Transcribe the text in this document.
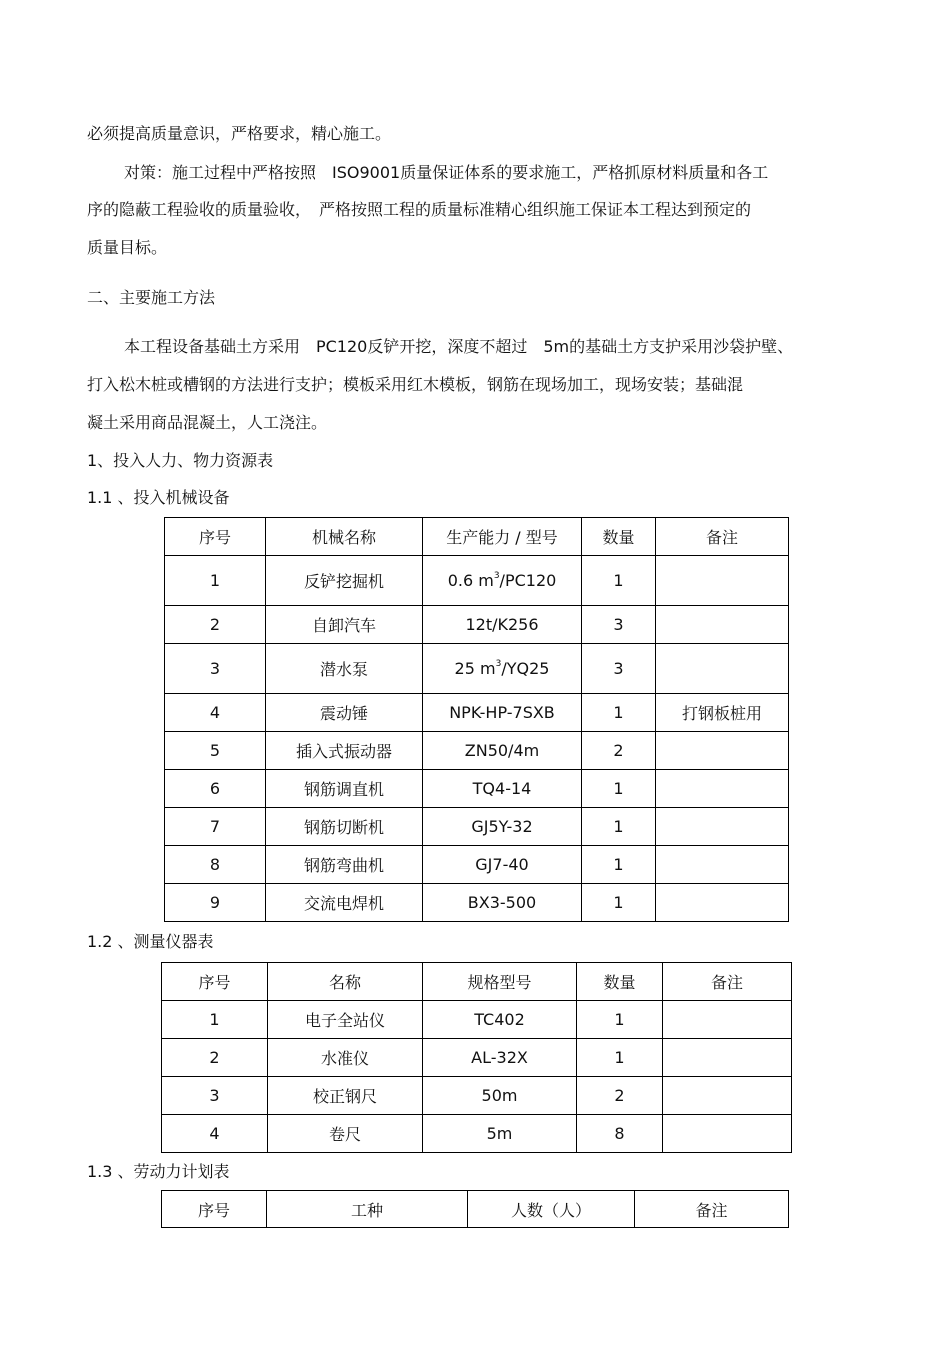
必须提高质量意识，严格要求，精心施工。
对策：施工过程中严格按照　ISO9001质量保证体系的要求施工，严格抓原材料质量和各工
序的隐蔽工程验收的质量验收，　严格按照工程的质量标准精心组织施工保证本工程达到预定的
质量目标。
二、主要施工方法
本工程设备基础土方采用　PC120反铲开挖，深度不超过　5m的基础土方支护采用沙袋护壁、
打入松木桩或槽钢的方法进行支护；模板采用红木模板，钢筋在现场加工，现场安装；基础混
凝土采用商品混凝土，人工浇注。
1、投入人力、物力资源表
1.1 、投入机械设备
序号	机械名称	生产能力 / 型号	数量	备注
1	反铲挖掘机	0.6 $m^3/PC120$	1	
2	自卸汽车	12t/K256	3	
3	潜水泵	25 $m^3/YQ25$	3	
4	震动锤	NPK-HP-7SXB	1	打钢板桩用
5	插入式振动器	ZN50/4m	2	
6	钢筋调直机	TQ4-14	1	
7	钢筋切断机	GJ5Y-32	1	
8	钢筋弯曲机	GJ7-40	1	
9	交流电焊机	BX3-500	1	
1.2 、测量仪器表
序号	名称	规格型号	数量	备注
1	电子全站仪	TC402	1	
2	水准仪	AL-32X	1	
3	校正钢尺	50m	2	
4	卷尺	5m	8	
1.3 、劳动力计划表
序号	工种	人数（人）	备注
